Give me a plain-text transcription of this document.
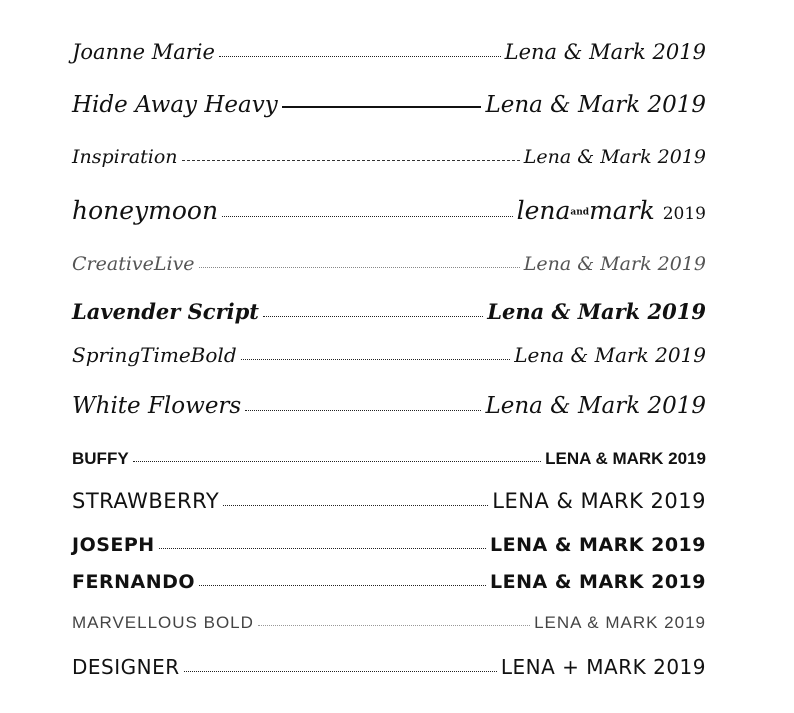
Joanne Marie	Lena & Mark 2019
Hide Away Heavy	Lena & Mark 2019
Inspiration	Lena & Mark 2019
honeymoon	lenaandmark 2019
CreativeLive	Lena & Mark 2019
Lavender Script	Lena & Mark 2019
SpringTimeBold	Lena & Mark 2019
White Flowers	Lena & Mark 2019
BUFFY	LENA & MARK 2019
STRAWBERRY	LENA & MARK 2019
JOSEPH	LENA & MARK 2019
FERNANDO	LENA & MARK 2019
MARVELLOUS BOLD	LENA & MARK 2019
DESIGNER	LENA + MARK 2019
